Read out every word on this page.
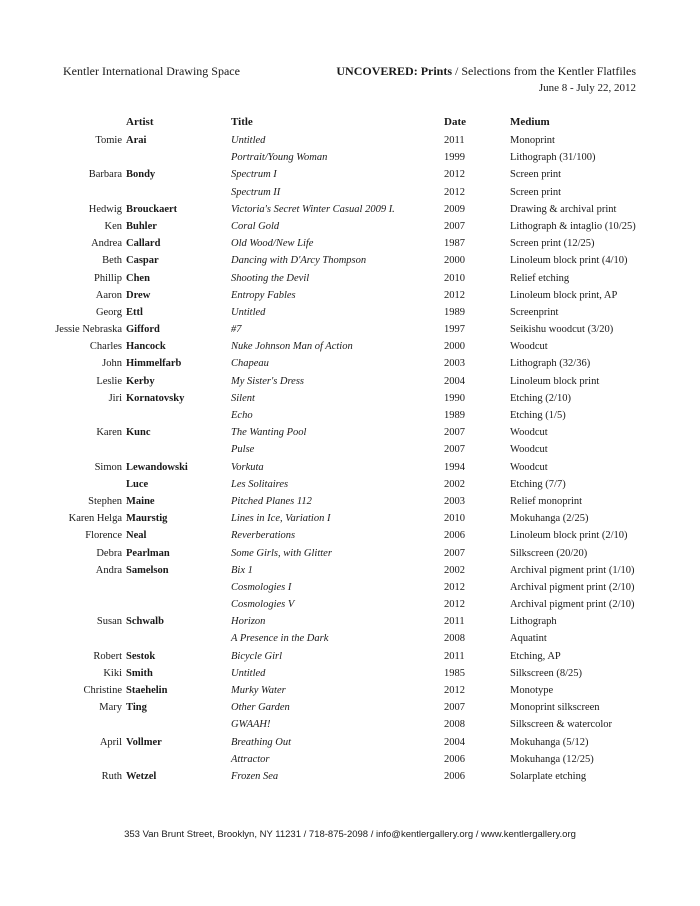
Kentler International Drawing Space	UNCOVERED: Prints / Selections from the Kentler Flatfiles
June 8 - July 22, 2012
Artist	Title	Date	Medium
Tomie Arai	Untitled	2011	Monoprint
Portrait/Young Woman	1999	Lithograph (31/100)
Barbara Bondy	Spectrum I	2012	Screen print
Spectrum II	2012	Screen print
Hedwig Brouckaert	Victoria's Secret Winter Casual 2009 I.	2009	Drawing & archival print
Ken Buhler	Coral Gold	2007	Lithograph & intaglio (10/25)
Andrea Callard	Old Wood/New Life	1987	Screen print (12/25)
Beth Caspar	Dancing with D'Arcy Thompson	2000	Linoleum block print (4/10)
Phillip Chen	Shooting the Devil	2010	Relief etching
Aaron Drew	Entropy Fables	2012	Linoleum block print, AP
Georg Ettl	Untitled	1989	Screenprint
Jessie Nebraska Gifford	#7	1997	Seikishu woodcut (3/20)
Charles Hancock	Nuke Johnson Man of Action	2000	Woodcut
John Himmelfarb	Chapeau	2003	Lithograph (32/36)
Leslie Kerby	My Sister's Dress	2004	Linoleum block print
Jiri Kornatovsky	Silent	1990	Etching (2/10)
Echo	1989	Etching (1/5)
Karen Kunc	The Wanting Pool	2007	Woodcut
Pulse	2007	Woodcut
Simon Lewandowski	Vorkuta	1994	Woodcut
Luce	Les Solitaires	2002	Etching (7/7)
Stephen Maine	Pitched Planes 112	2003	Relief monoprint
Karen Helga Maurstig	Lines in Ice, Variation I	2010	Mokuhanga (2/25)
Florence Neal	Reverberations	2006	Linoleum block print (2/10)
Debra Pearlman	Some Girls, with Glitter	2007	Silkscreen (20/20)
Andra Samelson	Bix 1	2002	Archival pigment print (1/10)
Cosmologies I	2012	Archival pigment print (2/10)
Cosmologies V	2012	Archival pigment print (2/10)
Susan Schwalb	Horizon	2011	Lithograph
A Presence in the Dark	2008	Aquatint
Robert Sestok	Bicycle Girl	2011	Etching, AP
Kiki Smith	Untitled	1985	Silkscreen (8/25)
Christine Staehelin	Murky Water	2012	Monotype
Mary Ting	Other Garden	2007	Monoprint silkscreen
GWAAH!	2008	Silkscreen & watercolor
April Vollmer	Breathing Out	2004	Mokuhanga (5/12)
Attractor	2006	Mokuhanga (12/25)
Ruth Wetzel	Frozen Sea	2006	Solarplate etching
353 Van Brunt Street, Brooklyn, NY 11231 / 718-875-2098 / info@kentlergallery.org / www.kentlergallery.org
